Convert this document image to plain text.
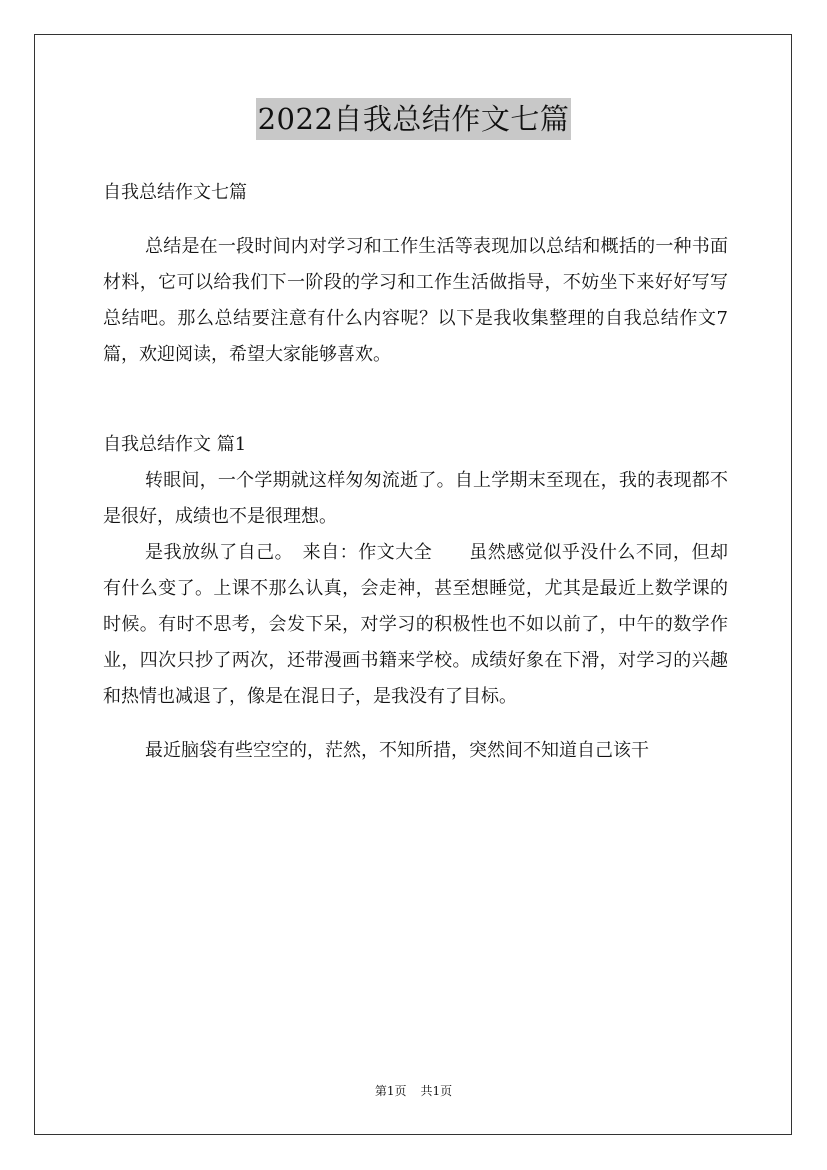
2022自我总结作文七篇

自我总结作文七篇

总结是在一段时间内对学习和工作生活等表现加以总结和概括的一种书面材料，它可以给我们下一阶段的学习和工作生活做指导，不妨坐下来好好写写总结吧。那么总结要注意有什么内容呢？以下是我收集整理的自我总结作文7篇，欢迎阅读，希望大家能够喜欢。

自我总结作文 篇1

转眼间，一个学期就这样匆匆流逝了。自上学期末至现在，我的表现都不是很好，成绩也不是很理想。

是我放纵了自己。　来自：作文大全　　虽然感觉似乎没什么不同，但却有什么变了。上课不那么认真，会走神，甚至想睡觉，尤其是最近上数学课的时候。有时不思考，会发下呆，对学习的积极性也不如以前了，中午的数学作业，四次只抄了两次，还带漫画书籍来学校。成绩好象在下滑，对学习的兴趣和热情也减退了，像是在混日子，是我没有了目标。

最近脑袋有些空空的，茫然，不知所措，突然间不知道自己该干

第1页 共1页
